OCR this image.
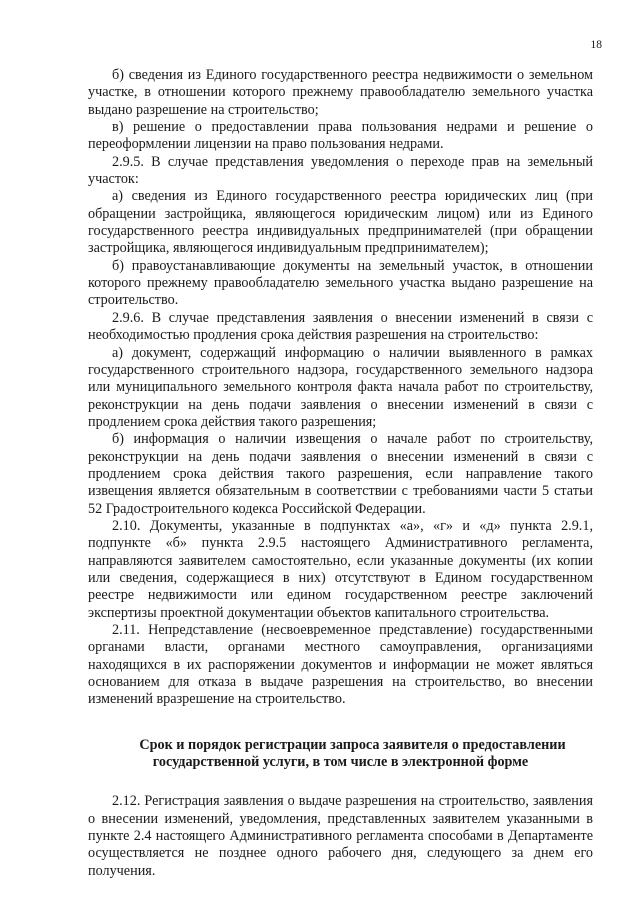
18

б) сведения из Единого государственного реестра недвижимости о земельном участке, в отношении которого прежнему правообладателю земельного участка выдано разрешение на строительство;

в) решение о предоставлении права пользования недрами и решение о переоформлении лицензии на право пользования недрами.

2.9.5. В случае представления уведомления о переходе прав на земельный участок:

а) сведения из Единого государственного реестра юридических лиц (при обращении застройщика, являющегося юридическим лицом) или из Единого государственного реестра индивидуальных предпринимателей (при обращении застройщика, являющегося индивидуальным предпринимателем);

б) правоустанавливающие документы на земельный участок, в отношении которого прежнему правообладателю земельного участка выдано разрешение на строительство.

2.9.6. В случае представления заявления о внесении изменений в связи с необходимостью продления срока действия разрешения на строительство:

а) документ, содержащий информацию о наличии выявленного в рамках государственного строительного надзора, государственного земельного надзора или муниципального земельного контроля факта начала работ по строительству, реконструкции на день подачи заявления о внесении изменений в связи с продлением срока действия такого разрешения;

б) информация о наличии извещения о начале работ по строительству, реконструкции на день подачи заявления о внесении изменений в связи с продлением срока действия такого разрешения, если направление такого извещения является обязательным в соответствии с требованиями части 5 статьи 52 Градостроительного кодекса Российской Федерации.

2.10. Документы, указанные в подпунктах «а», «г» и «д» пункта 2.9.1, подпункте «б» пункта 2.9.5 настоящего Административного регламента, направляются заявителем самостоятельно, если указанные документы (их копии или сведения, содержащиеся в них) отсутствуют в Едином государственном реестре недвижимости или едином государственном реестре заключений экспертизы проектной документации объектов капитального строительства.

2.11. Непредставление (несвоевременное представление) государственными органами власти, органами местного самоуправления, организациями находящихся в их распоряжении документов и информации не может являться основанием для отказа в выдаче разрешения на строительство, во внесении изменений вразрешение на строительство.

Срок и порядок регистрации запроса заявителя о предоставлении государственной услуги, в том числе в электронной форме

2.12. Регистрация заявления о выдаче разрешения на строительство, заявления о внесении изменений, уведомления, представленных заявителем указанными в пункте 2.4 настоящего Административного регламента способами в Департаменте осуществляется не позднее одного рабочего дня, следующего за днем его получения.
